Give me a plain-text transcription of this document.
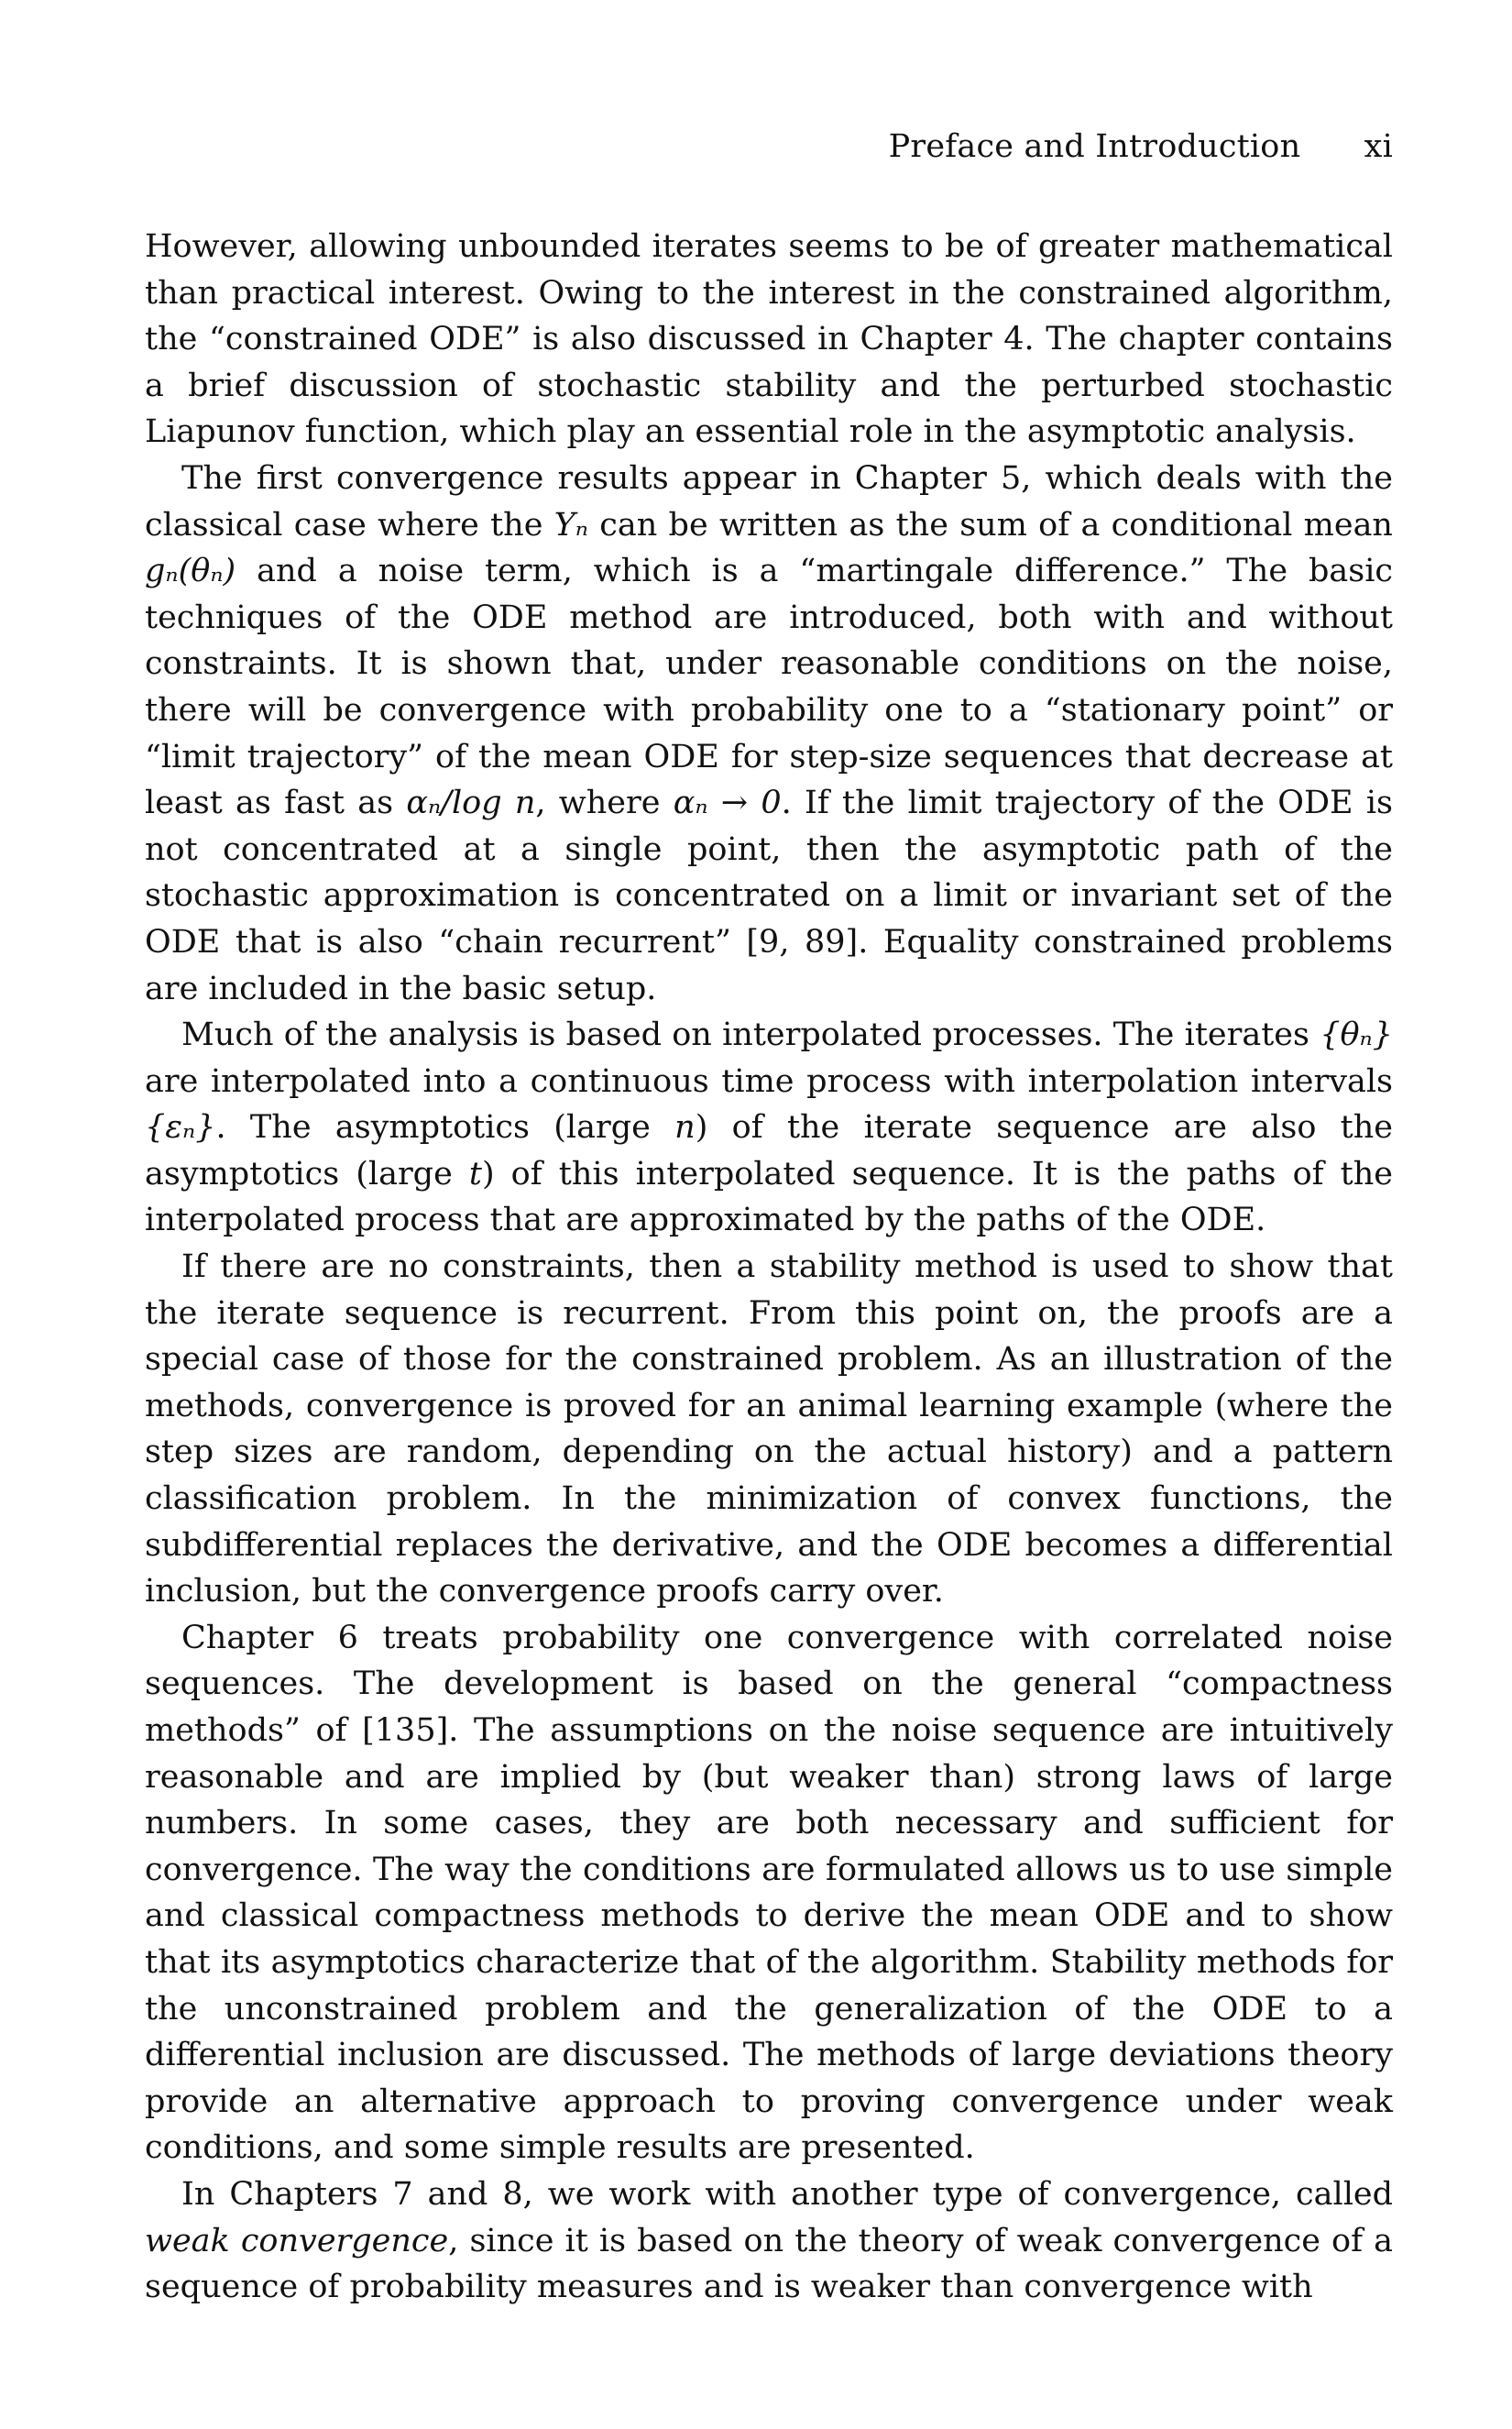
Preface and Introduction xi

However, allowing unbounded iterates seems to be of greater mathematical than practical interest. Owing to the interest in the constrained algorithm, the “constrained ODE” is also discussed in Chapter 4. The chapter contains a brief discussion of stochastic stability and the perturbed stochastic Liapunov function, which play an essential role in the asymptotic analysis.

The first convergence results appear in Chapter 5, which deals with the classical case where the Yₙ can be written as the sum of a conditional mean gₙ(θₙ) and a noise term, which is a “martingale difference.” The basic techniques of the ODE method are introduced, both with and without constraints. It is shown that, under reasonable conditions on the noise, there will be convergence with probability one to a “stationary point” or “limit trajectory” of the mean ODE for step-size sequences that decrease at least as fast as αₙ/log n, where αₙ → 0. If the limit trajectory of the ODE is not concentrated at a single point, then the asymptotic path of the stochastic approximation is concentrated on a limit or invariant set of the ODE that is also “chain recurrent” [9, 89]. Equality constrained problems are included in the basic setup.

Much of the analysis is based on interpolated processes. The iterates {θₙ} are interpolated into a continuous time process with interpolation intervals {εₙ}. The asymptotics (large n) of the iterate sequence are also the asymptotics (large t) of this interpolated sequence. It is the paths of the interpolated process that are approximated by the paths of the ODE.

If there are no constraints, then a stability method is used to show that the iterate sequence is recurrent. From this point on, the proofs are a special case of those for the constrained problem. As an illustration of the methods, convergence is proved for an animal learning example (where the step sizes are random, depending on the actual history) and a pattern classification problem. In the minimization of convex functions, the subdifferential replaces the derivative, and the ODE becomes a differential inclusion, but the convergence proofs carry over.

Chapter 6 treats probability one convergence with correlated noise sequences. The development is based on the general “compactness methods” of [135]. The assumptions on the noise sequence are intuitively reasonable and are implied by (but weaker than) strong laws of large numbers. In some cases, they are both necessary and sufficient for convergence. The way the conditions are formulated allows us to use simple and classical compactness methods to derive the mean ODE and to show that its asymptotics characterize that of the algorithm. Stability methods for the unconstrained problem and the generalization of the ODE to a differential inclusion are discussed. The methods of large deviations theory provide an alternative approach to proving convergence under weak conditions, and some simple results are presented.

In Chapters 7 and 8, we work with another type of convergence, called weak convergence, since it is based on the theory of weak convergence of a sequence of probability measures and is weaker than convergence with
